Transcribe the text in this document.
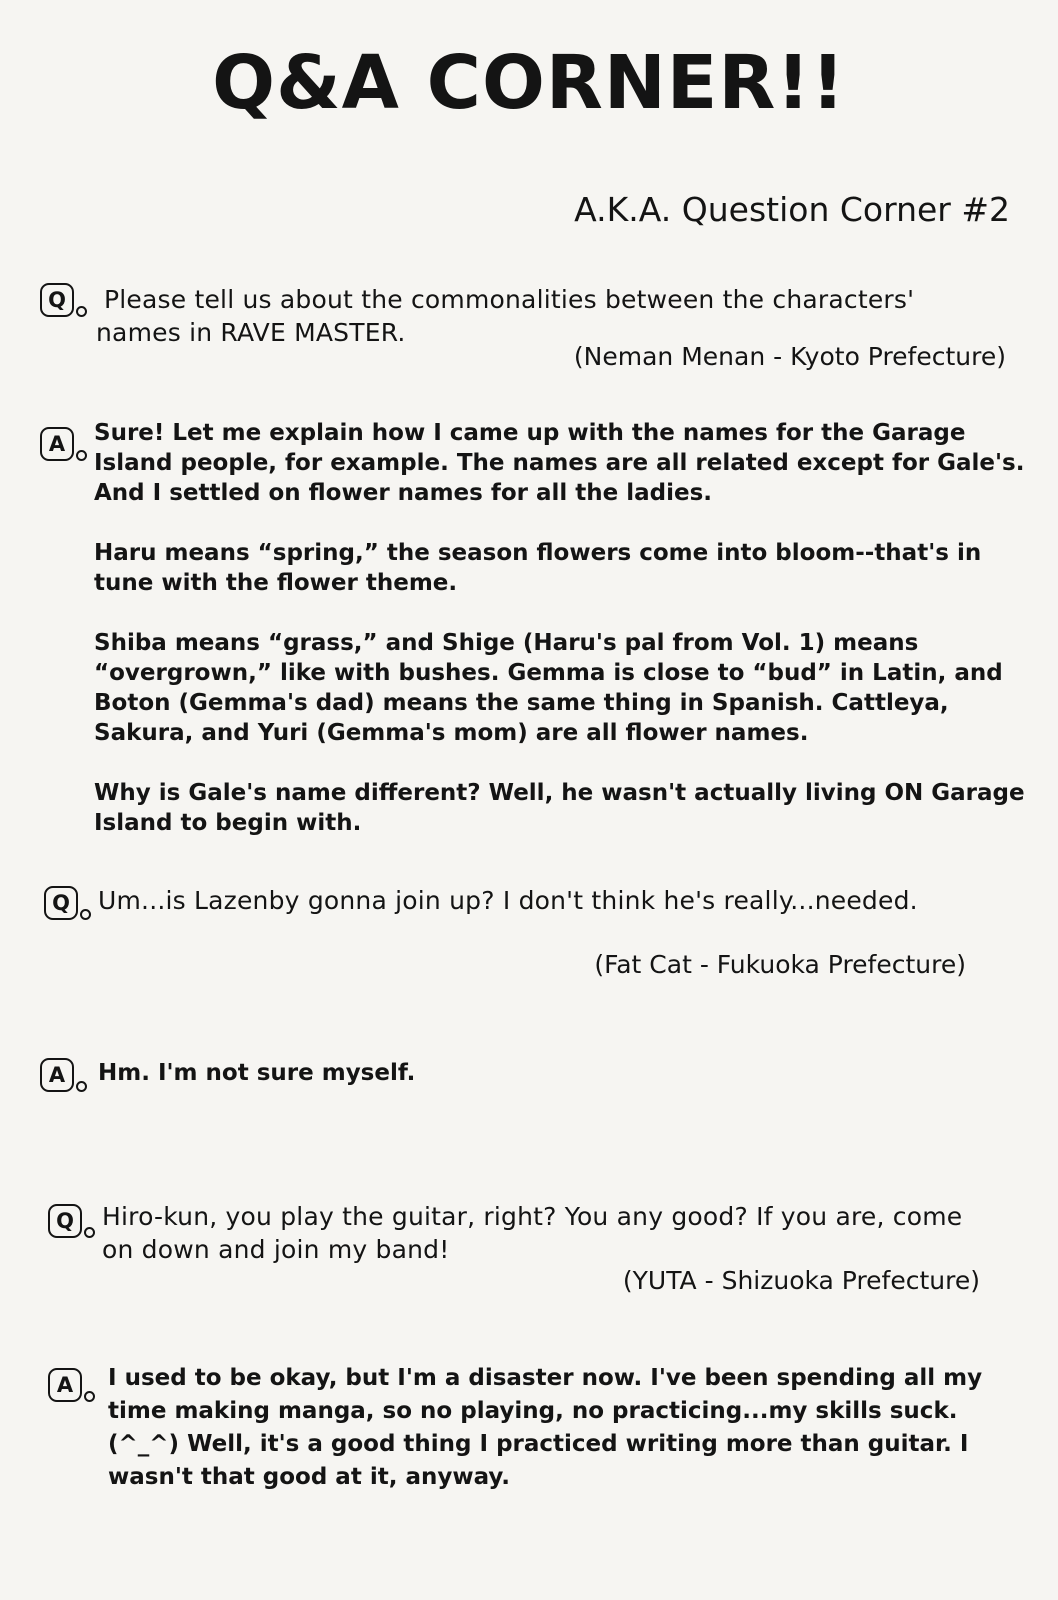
Q&A CORNER!!
A.K.A. Question Corner #2
Q	Please tell us about the commonalities between the characters' names in RAVE MASTER.
(Neman Menan - Kyoto Prefecture)
A	Sure! Let me explain how I came up with the names for the Garage Island people, for example. The names are all related except for Gale's. And I settled on flower names for all the ladies.

Haru means “spring,” the season flowers come into bloom--that's in tune with the flower theme.

Shiba means “grass,” and Shige (Haru's pal from Vol. 1) means “overgrown,” like with bushes. Gemma is close to “bud” in Latin, and Boton (Gemma's dad) means the same thing in Spanish. Cattleya, Sakura, and Yuri (Gemma's mom) are all flower names.

Why is Gale's name different? Well, he wasn't actually living ON Garage Island to begin with.

Q	Um...is Lazenby gonna join up? I don't think he's really...needed.
(Fat Cat - Fukuoka Prefecture)
A	Hm. I'm not sure myself.

Q	Hiro-kun, you play the guitar, right? You any good? If you are, come on down and join my band!
(YUTA - Shizuoka Prefecture)
A	I used to be okay, but I'm a disaster now. I've been spending all my time making manga, so no playing, no practicing...my skills suck. (^_^) Well, it's a good thing I practiced writing more than guitar. I wasn't that good at it, anyway.
